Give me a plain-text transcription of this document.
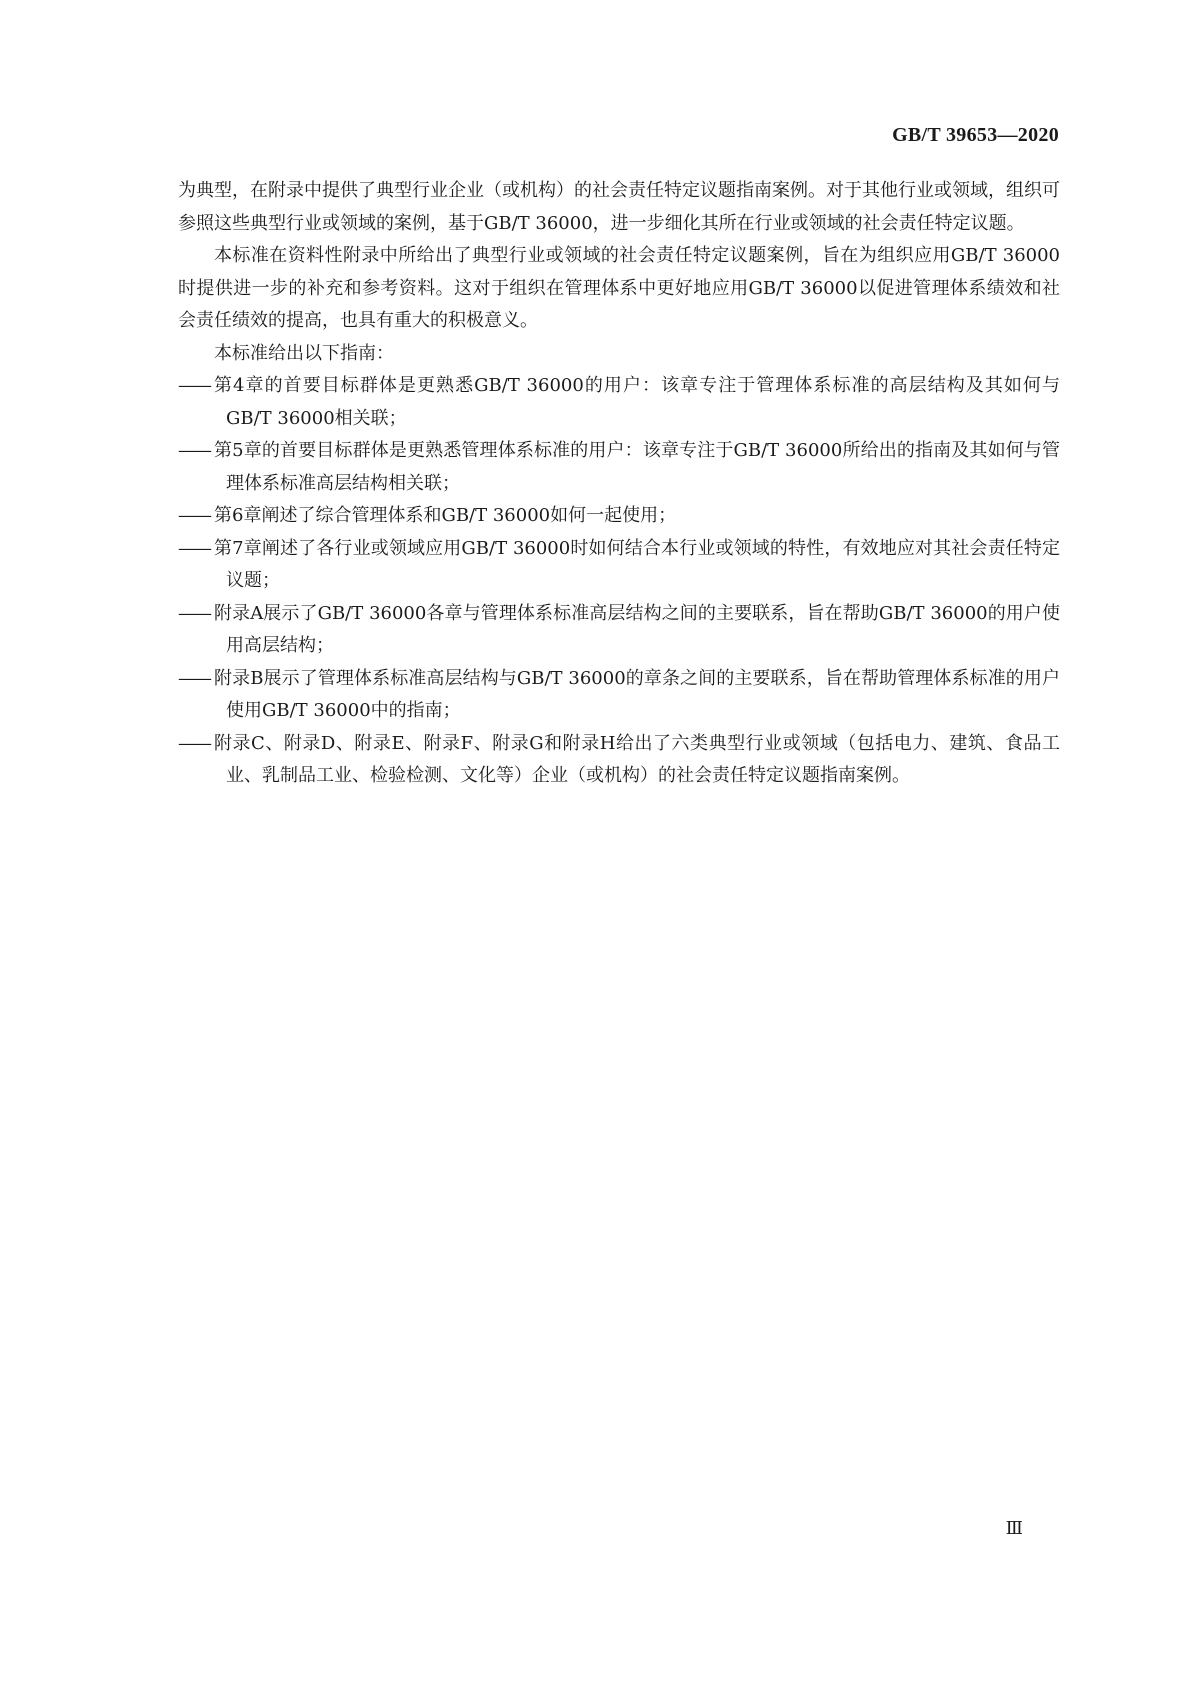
GB/T 39653—2020

为典型，在附录中提供了典型行业企业（或机构）的社会责任特定议题指南案例。对于其他行业或领域，组织可参照这些典型行业或领域的案例，基于GB/T 36000，进一步细化其所在行业或领域的社会责任特定议题。

本标准在资料性附录中所给出了典型行业或领域的社会责任特定议题案例，旨在为组织应用GB/T 36000时提供进一步的补充和参考资料。这对于组织在管理体系中更好地应用GB/T 36000以促进管理体系绩效和社会责任绩效的提高，也具有重大的积极意义。

本标准给出以下指南：

—— 第4章的首要目标群体是更熟悉GB/T 36000的用户：该章专注于管理体系标准的高层结构及其如何与GB/T 36000相关联；
—— 第5章的首要目标群体是更熟悉管理体系标准的用户：该章专注于GB/T 36000所给出的指南及其如何与管理体系标准高层结构相关联；
—— 第6章阐述了综合管理体系和GB/T 36000如何一起使用；
—— 第7章阐述了各行业或领域应用GB/T 36000时如何结合本行业或领域的特性，有效地应对其社会责任特定议题；
—— 附录A展示了GB/T 36000各章与管理体系标准高层结构之间的主要联系，旨在帮助GB/T 36000的用户使用高层结构；
—— 附录B展示了管理体系标准高层结构与GB/T 36000的章条之间的主要联系，旨在帮助管理体系标准的用户使用GB/T 36000中的指南；
—— 附录C、附录D、附录E、附录F、附录G和附录H给出了六类典型行业或领域（包括电力、建筑、食品工业、乳制品工业、检验检测、文化等）企业（或机构）的社会责任特定议题指南案例。
Ⅲ
